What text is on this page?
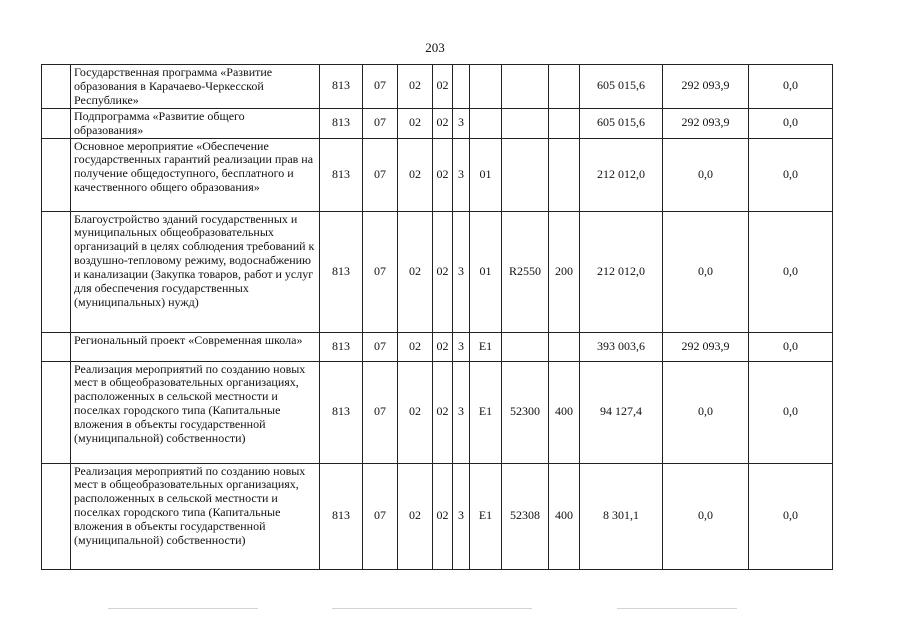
203
	Государственная программа «Развитие образования в Карачаево-Черкесской Республике»	813	07	02	02					605 015,6	292 093,9	0,0
	Подпрограмма «Развитие общего образования»	813	07	02	02	3				605 015,6	292 093,9	0,0
	Основное мероприятие «Обеспечение государственных гарантий реализации прав на получение общедоступного, бесплатного и качественного общего образования»	813	07	02	02	3	01			212 012,0	0,0	0,0
	Благоустройство зданий государственных и муниципальных общеобразовательных организаций в целях соблюдения требований к воздушно-тепловому режиму, водоснабжению и канализации (Закупка товаров, работ и услуг для обеспечения государственных (муниципальных) нужд)	813	07	02	02	3	01	R2550	200	212 012,0	0,0	0,0
	Региональный проект «Современная школа»	813	07	02	02	3	E1			393 003,6	292 093,9	0,0
	Реализация мероприятий по созданию новых мест в общеобразовательных организациях, расположенных в сельской местности и поселках городского типа (Капитальные вложения в объекты государственной (муниципальной) собственности)	813	07	02	02	3	E1	52300	400	94 127,4	0,0	0,0
	Реализация мероприятий по созданию новых мест в общеобразовательных организациях, расположенных в сельской местности и поселках городского типа (Капитальные вложения в объекты государственной (муниципальной) собственности)	813	07	02	02	3	E1	52308	400	8 301,1	0,0	0,0
